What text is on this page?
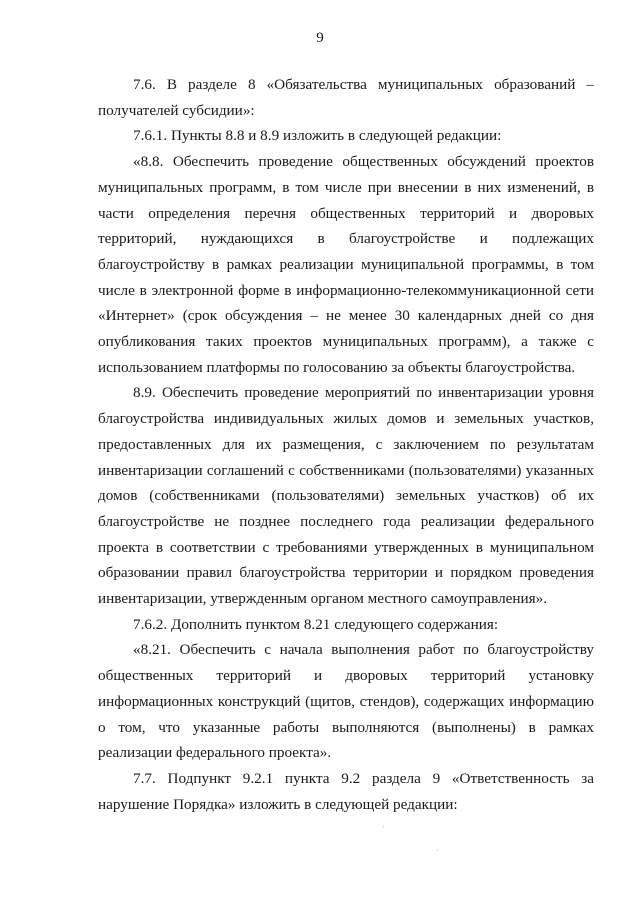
9

7.6. В разделе 8 «Обязательства муниципальных образований – получателей субсидии»:

7.6.1. Пункты 8.8 и 8.9 изложить в следующей редакции:

«8.8. Обеспечить проведение общественных обсуждений проектов муниципальных программ, в том числе при внесении в них изменений, в части определения перечня общественных территорий и дворовых территорий, нуждающихся в благоустройстве и подлежащих благоустройству в рамках реализации муниципальной программы, в том числе в электронной форме в информационно-телекоммуникационной сети «Интернет» (срок обсуждения – не менее 30 календарных дней со дня опубликования таких проектов муниципальных программ), а также с использованием платформы по голосованию за объекты благоустройства.

8.9. Обеспечить проведение мероприятий по инвентаризации уровня благоустройства индивидуальных жилых домов и земельных участков, предоставленных для их размещения, с заключением по результатам инвентаризации соглашений с собственниками (пользователями) указанных домов (собственниками (пользователями) земельных участков) об их благоустройстве не позднее последнего года реализации федерального проекта в соответствии с требованиями утвержденных в муниципальном образовании правил благоустройства территории и порядком проведения инвентаризации, утвержденным органом местного самоуправления».

7.6.2. Дополнить пунктом 8.21 следующего содержания:

«8.21. Обеспечить с начала выполнения работ по благоустройству общественных территорий и дворовых территорий установку информационных конструкций (щитов, стендов), содержащих информацию о том, что указанные работы выполняются (выполнены) в рамках реализации федерального проекта».

7.7. Подпункт 9.2.1 пункта 9.2 раздела 9 «Ответственность за нарушение Порядка» изложить в следующей редакции:
